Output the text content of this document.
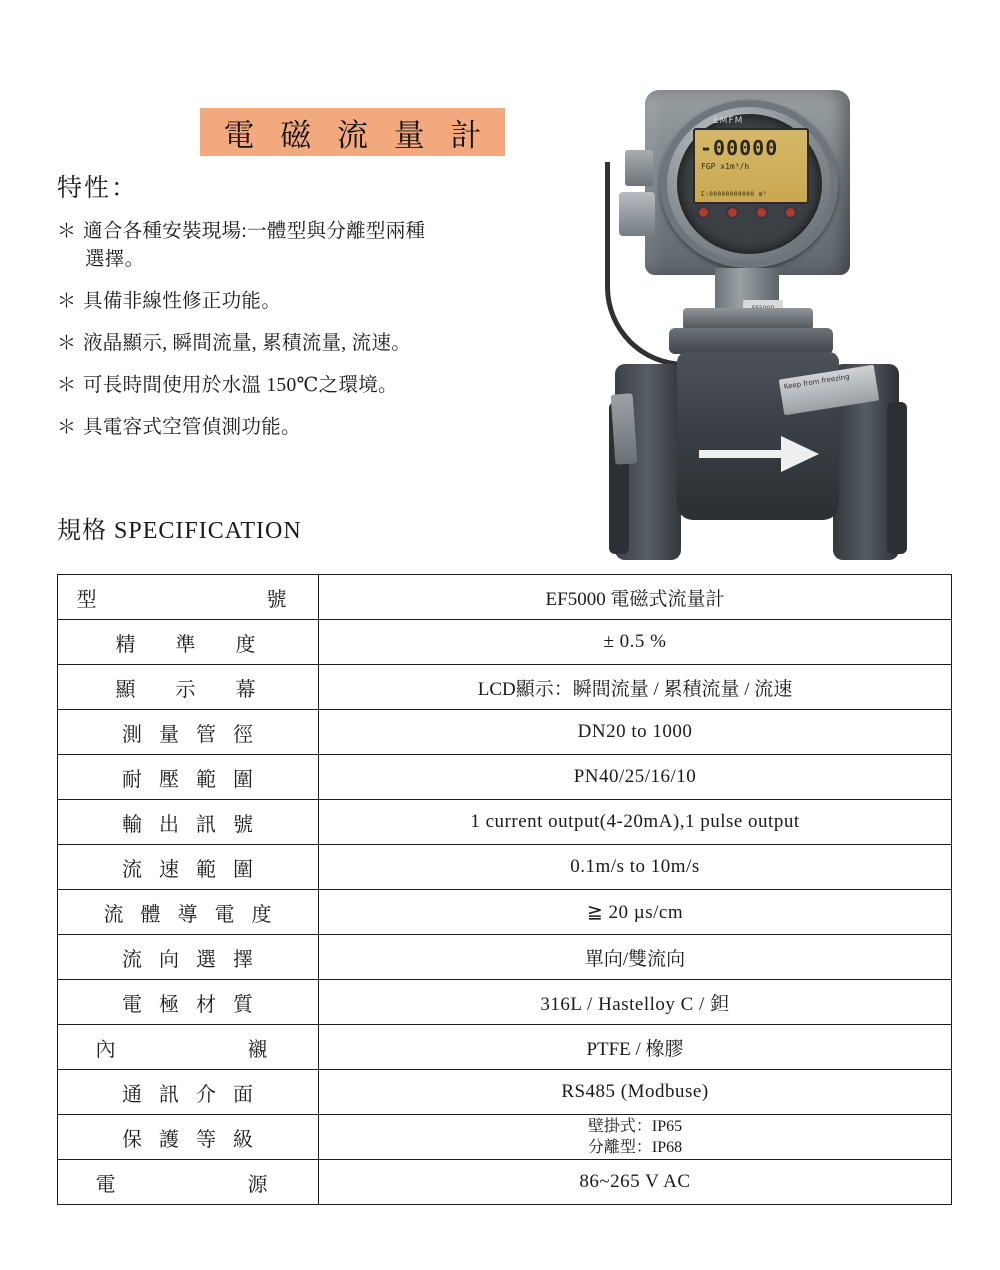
電 磁 流 量 計
特性：
＊ 適合各種安裝現場:一體型與分離型兩種
選擇。
＊ 具備非線性修正功能。
＊ 液晶顯示, 瞬間流量, 累積流量, 流速。
＊ 可長時間使用於水溫 150℃之環境。
＊ 具電容式空管偵測功能。
規格 SPECIFICATION
-00000
FGP x1m³/h
Σ:00000000000 m³
EMFM
Keep from freezing
型　　　　號	EF5000 電磁式流量計
精　準　度	± 0.5 %
顯　示　幕	LCD顯示：瞬間流量 / 累積流量 / 流速
測 量 管 徑	DN20 to 1000
耐 壓 範 圍	PN40/25/16/10
輸 出 訊 號	1 current output(4-20mA),1 pulse output
流 速 範 圍	0.1m/s to 10m/s
流 體 導 電 度	≧ 20 µs/cm
流 向 選 擇	單向/雙流向
電 極 材 質	316L / Hastelloy C / 鉭
內　　　襯	PTFE / 橡膠
通 訊 介 面	RS485 (Modbuse)
保 護 等 級	壁掛式：IP65
分離型：IP68

電　　　源	86~265 V AC
